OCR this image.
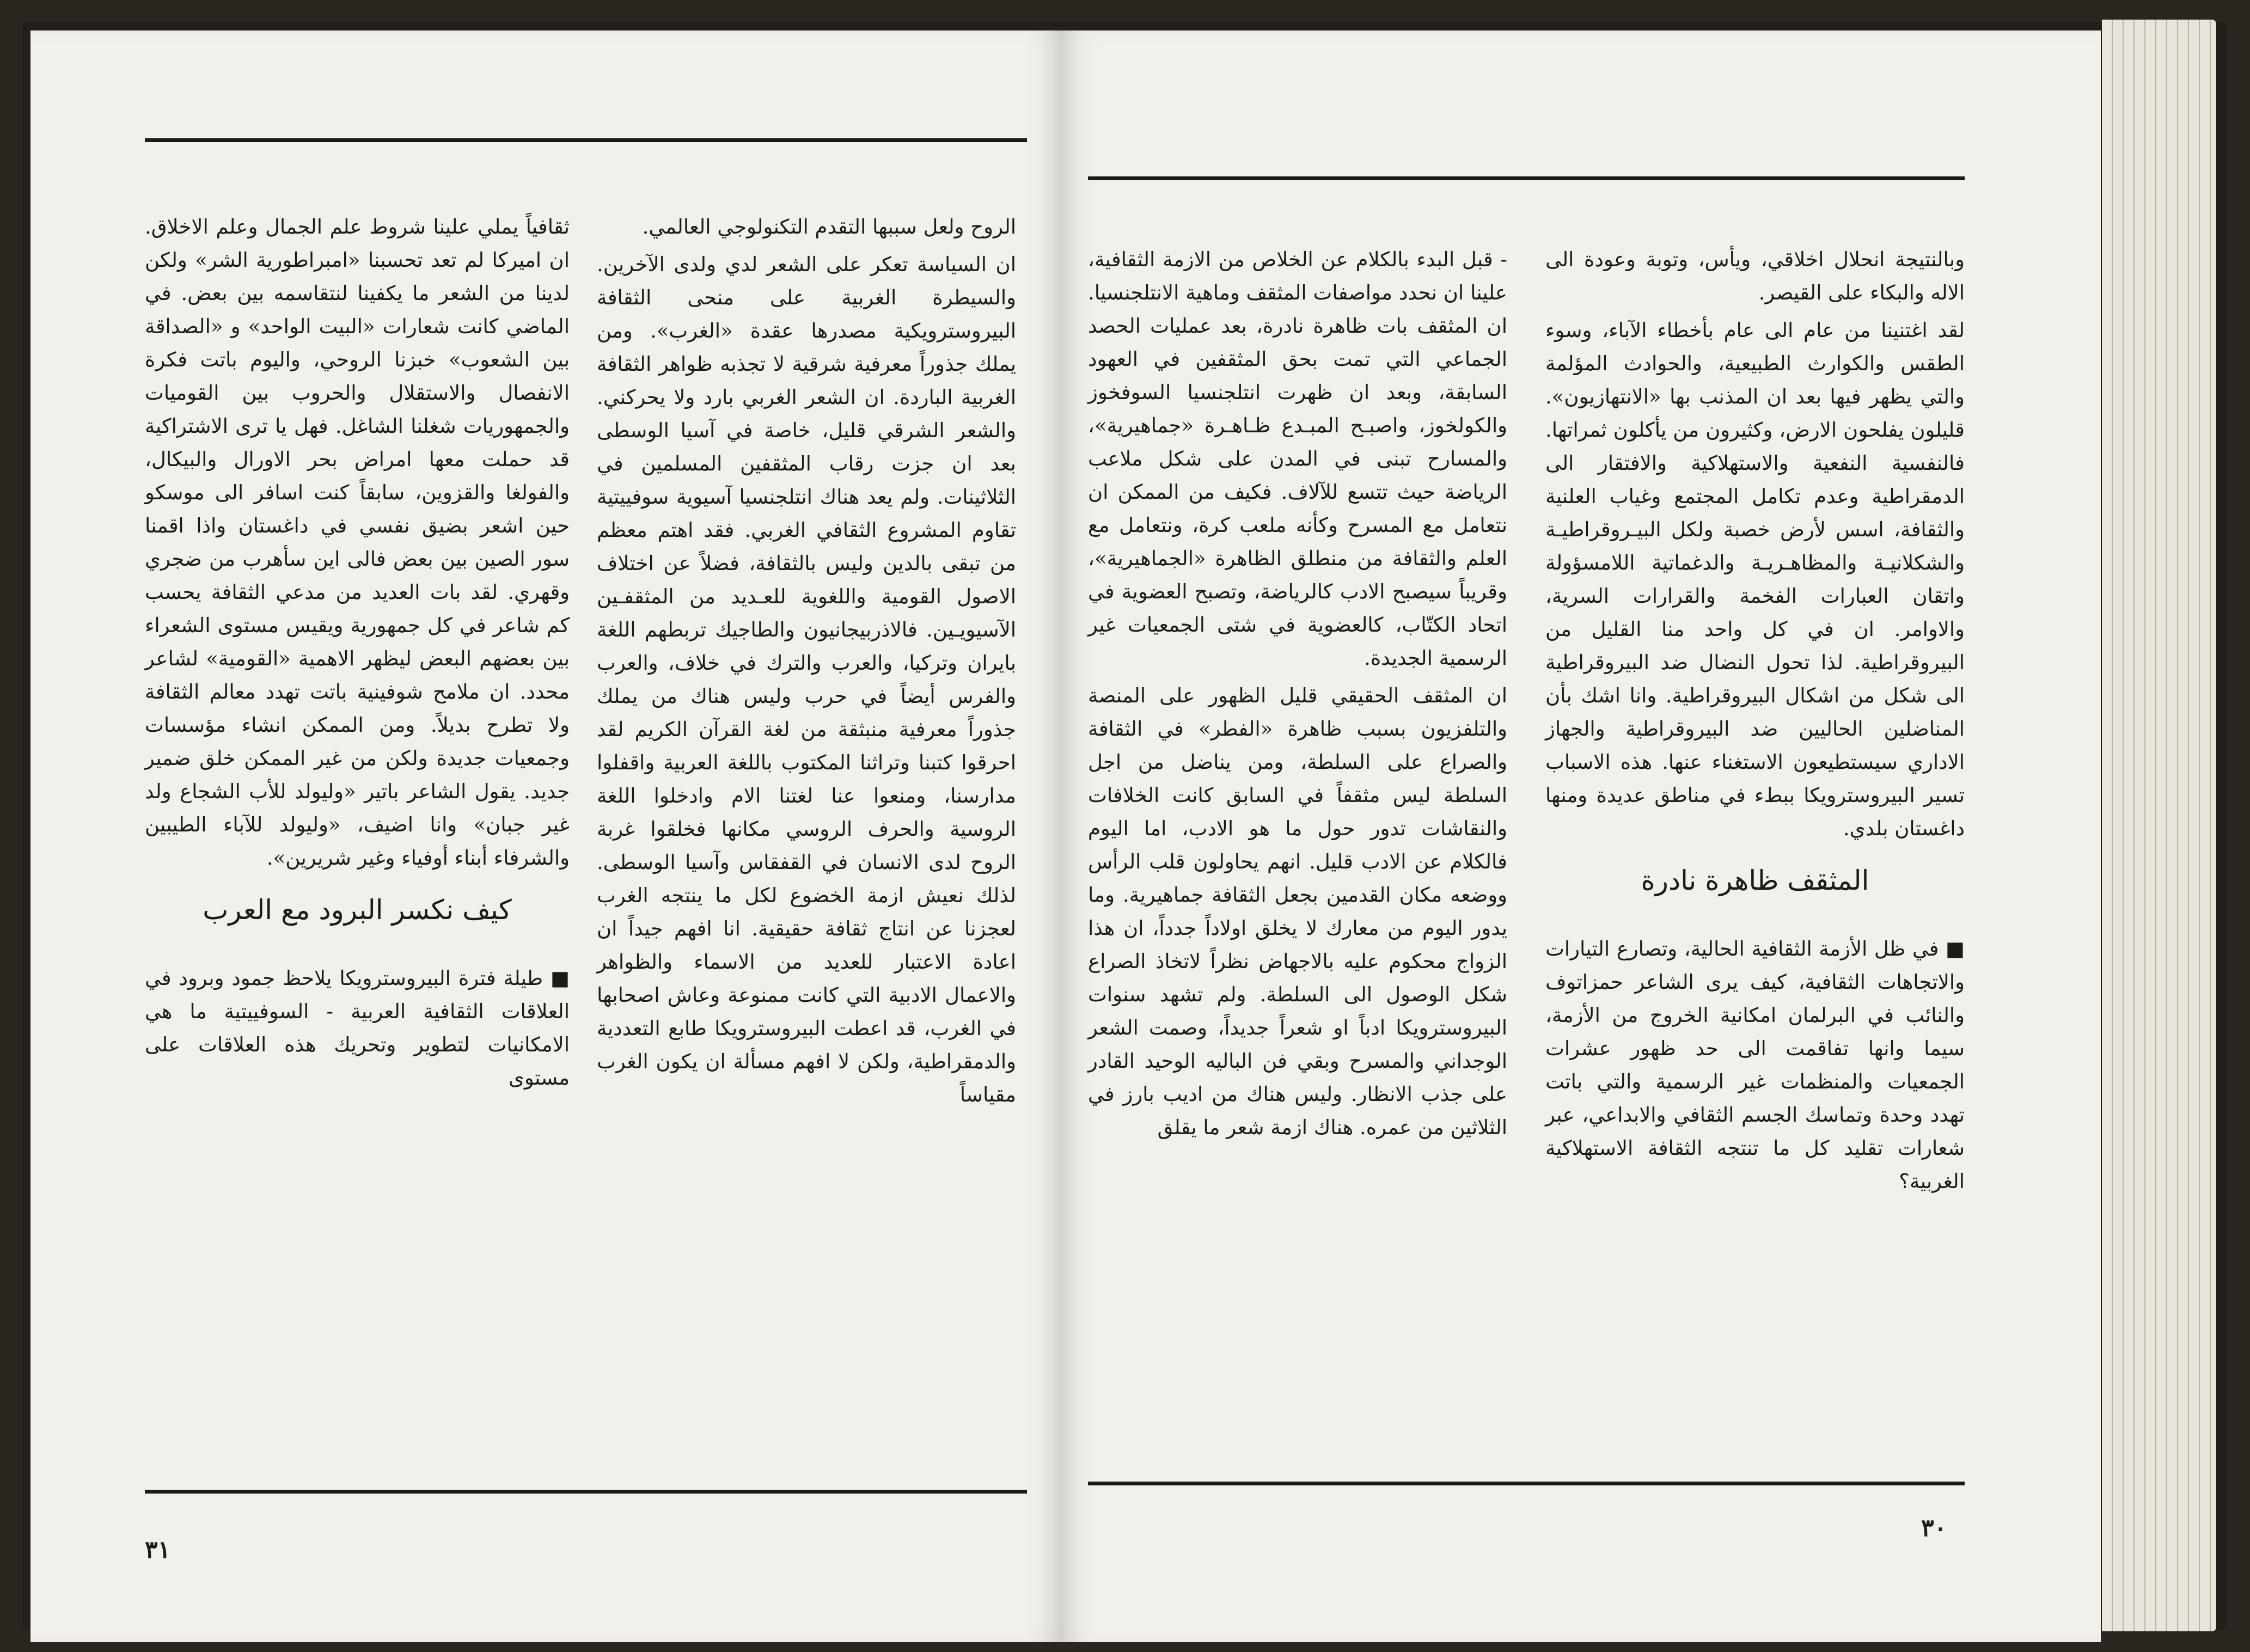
الروح ولعل سببها التقدم التكنولوجي العالمي.

ان السياسة تعكر على الشعر لدي ولدى الآخرين. والسيطرة الغربية على منحى الثقافة البيروسترويكية مصدرها عقدة «الغرب». ومن يملك جذوراً معرفية شرقية لا تجذبه ظواهر الثقافة الغربية الباردة. ان الشعر الغربي بارد ولا يحركني. والشعر الشرقي قليل، خاصة في آسيا الوسطى بعد ان جزت رقاب المثقفين المسلمين في الثلاثينات. ولم يعد هناك انتلجنسيا آسيوية سوفييتية تقاوم المشروع الثقافي الغربي. فقد اهتم معظم من تبقى بالدين وليس بالثقافة، فضلاً عن اختلاف الاصول القومية واللغوية للعـديد من المثقفـين الآسيويـين. فالاذربيجانيون والطاجيك تربطهم اللغة بايران وتركيا، والعرب والترك في خلاف، والعرب والفرس أيضاً في حرب وليس هناك من يملك جذوراً معرفية منبثقة من لغة القرآن الكريم لقد احرقوا كتبنا وتراثنا المكتوب باللغة العربية واقفلوا مدارسنا، ومنعوا عنا لغتنا الام وادخلوا اللغة الروسية والحرف الروسي مكانها فخلقوا غربة الروح لدى الانسان في القفقاس وآسيا الوسطى. لذلك نعيش ازمة الخضوع لكل ما ينتجه الغرب لعجزنا عن انتاج ثقافة حقيقية. انا افهم جيداً ان اعادة الاعتبار للعديد من الاسماء والظواهر والاعمال الادبية التي كانت ممنوعة وعاش اصحابها في الغرب، قد اعطت البيروسترويكا طابع التعددية والدمقراطية، ولكن لا افهم مسألة ان يكون الغرب مقياساً

ثقافياً يملي علينا شروط علم الجمال وعلم الاخلاق. ان اميركا لم تعد تحسبنا «امبراطورية الشر» ولكن لدينا من الشعر ما يكفينا لنتقاسمه بين بعض. في الماضي كانت شعارات «البيت الواحد» و «الصداقة بين الشعوب» خبزنا الروحي، واليوم باتت فكرة الانفصال والاستقلال والحروب بين القوميات والجمهوريات شغلنا الشاغل. فهل يا ترى الاشتراكية قد حملت معها امراض بحر الاورال والبيكال، والفولغا والقزوين، سابقاً كنت اسافر الى موسكو حين اشعر بضيق نفسي في داغستان واذا اقمنا سور الصين بين بعض فالى اين سأهرب من ضجري وقهري. لقد بات العديد من مدعي الثقافة يحسب كم شاعر في كل جمهورية ويقيس مستوى الشعراء بين بعضهم البعض ليظهر الاهمية «القومية» لشاعر محدد. ان ملامح شوفينية باتت تهدد معالم الثقافة ولا تطرح بديلاً. ومن الممكن انشاء مؤسسات وجمعيات جديدة ولكن من غير الممكن خلق ضمير جديد. يقول الشاعر باتير «وليولد للأب الشجاع ولد غير جبان» وانا اضيف، «وليولد للآباء الطيبين والشرفاء أبناء أوفياء وغير شريرين».

كيف نكسر البرود مع العرب

■ طيلة فترة البيروسترويكا يلاحظ جمود وبرود في العلاقات الثقافية العربية - السوفييتية ما هي الامكانيات لتطوير وتحريك هذه العلاقات على مستوى

٣١

- قبل البدء بالكلام عن الخلاص من الازمة الثقافية، علينا ان نحدد مواصفات المثقف وماهية الانتلجنسيا. ان المثقف بات ظاهرة نادرة، بعد عمليات الحصد الجماعي التي تمت بحق المثقفين في العهود السابقة، وبعد ان ظهرت انتلجنسيا السوفخوز والكولخوز، واصبـح المبـدع ظـاهـرة «جماهيرية»، والمسارح تبنى في المدن على شكل ملاعب الرياضة حيث تتسع للآلاف. فكيف من الممكن ان نتعامل مع المسرح وكأنه ملعب كرة، ونتعامل مع العلم والثقافة من منطلق الظاهرة «الجماهيرية»، وقريباً سيصبح الادب كالرياضة، وتصبح العضوية في اتحاد الكتّاب، كالعضوية في شتى الجمعيات غير الرسمية الجديدة.

ان المثقف الحقيقي قليل الظهور على المنصة والتلفزيون بسبب ظاهرة «الفطر» في الثقافة والصراع على السلطة، ومن يناضل من اجل السلطة ليس مثقفاً في السابق كانت الخلافات والنقاشات تدور حول ما هو الادب، اما اليوم فالكلام عن الادب قليل. انهم يحاولون قلب الرأس ووضعه مكان القدمين بجعل الثقافة جماهيرية. وما يدور اليوم من معارك لا يخلق اولاداً جدداً، ان هذا الزواج محكوم عليه بالاجهاض نظراً لاتخاذ الصراع شكل الوصول الى السلطة. ولم تشهد سنوات البيروسترويكا ادباً او شعراً جديداً، وصمت الشعر الوجداني والمسرح وبقي فن الباليه الوحيد القادر على جذب الانظار. وليس هناك من اديب بارز في الثلاثين من عمره. هناك ازمة شعر ما يقلق

وبالنتيجة انحلال اخلاقي، ويأس، وتوبة وعودة الى الاله والبكاء على القيصر.

لقد اغتنينا من عام الى عام بأخطاء الآباء، وسوء الطقس والكوارث الطبيعية، والحوادث المؤلمة والتي يظهر فيها بعد ان المذنب بها «الانتهازيون». قليلون يفلحون الارض، وكثيرون من يأكلون ثمراتها. فالنفسية النفعية والاستهلاكية والافتقار الى الدمقراطية وعدم تكامل المجتمع وغياب العلنية والثقافة، اسس لأرض خصبة ولكل البيـروقراطيـة والشكلانيـة والمظاهـريـة والدغماتية اللامسؤولة واتقان العبارات الفخمة والقرارات السرية، والاوامر. ان في كل واحد منا القليل من البيروقراطية. لذا تحول النضال ضد البيروقراطية الى شكل من اشكال البيروقراطية. وانا اشك بأن المناضلين الحاليين ضد البيروقراطية والجهاز الاداري سيستطيعون الاستغناء عنها. هذه الاسباب تسير البيروسترويكا ببطء في مناطق عديدة ومنها داغستان بلدي.

المثقف ظاهرة نادرة

■ في ظل الأزمة الثقافية الحالية، وتصارع التيارات والاتجاهات الثقافية، كيف يرى الشاعر حمزاتوف والنائب في البرلمان امكانية الخروج من الأزمة، سيما وانها تفاقمت الى حد ظهور عشرات الجمعيات والمنظمات غير الرسمية والتي باتت تهدد وحدة وتماسك الجسم الثقافي والابداعي، عبر شعارات تقليد كل ما تنتجه الثقافة الاستهلاكية الغربية؟

٣٠
